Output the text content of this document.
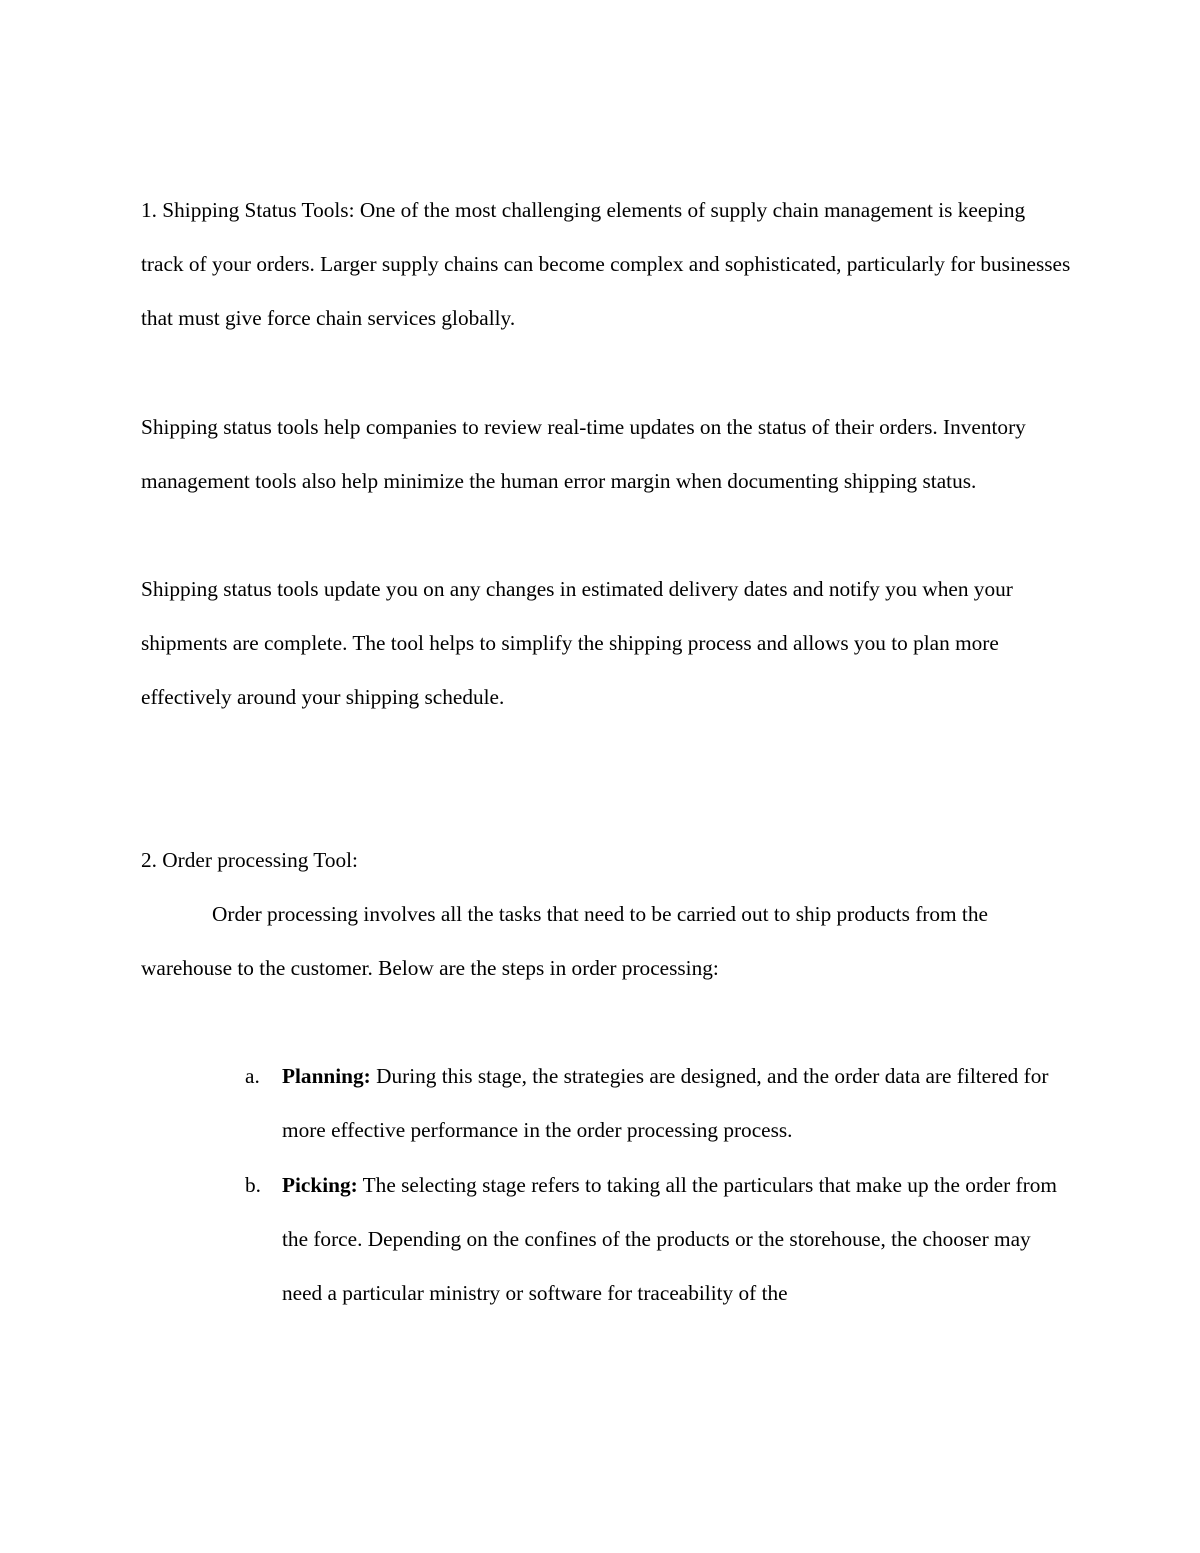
1. Shipping Status Tools: One of the most challenging elements of supply chain management is keeping track of your orders. Larger supply chains can become complex and sophisticated, particularly for businesses that must give force chain services globally.

Shipping status tools help companies to review real-time updates on the status of their orders. Inventory management tools also help minimize the human error margin when documenting shipping status.

Shipping status tools update you on any changes in estimated delivery dates and notify you when your shipments are complete. The tool helps to simplify the shipping process and allows you to plan more effectively around your shipping schedule.

2. Order processing Tool:

Order processing involves all the tasks that need to be carried out to ship products from the warehouse to the customer. Below are the steps in order processing:

a. Planning: During this stage, the strategies are designed, and the order data are filtered for more effective performance in the order processing process.
b. Picking: The selecting stage refers to taking all the particulars that make up the order from the force. Depending on the confines of the products or the storehouse, the chooser may need a particular ministry or software for traceability of the
